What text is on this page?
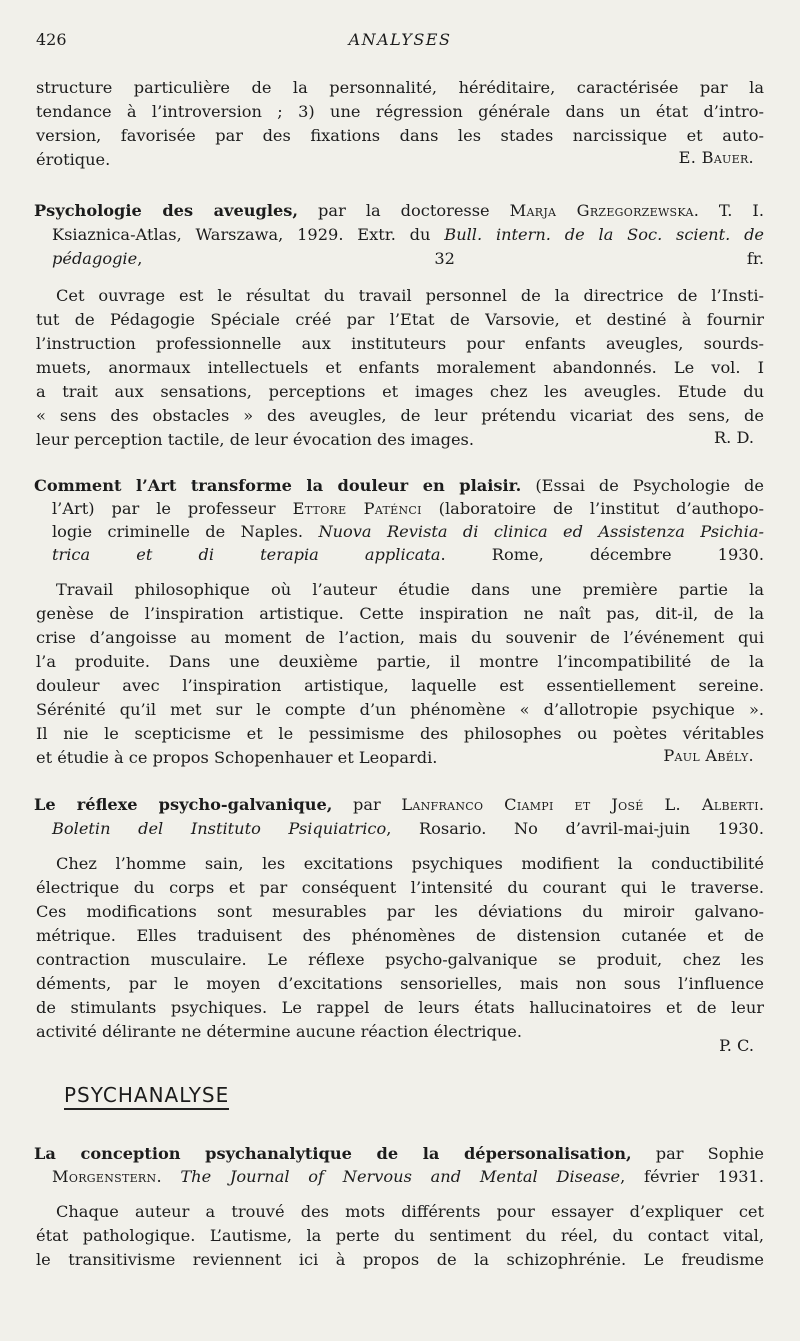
426	ANALYSES

structure particulière de la personnalité, héréditaire, caractérisée par la

tendance à l’introversion ; 3) une régression générale dans un état d’intro-

version, favorisée par des fixations dans les stades narcissique et auto-

érotique.	E. Bauer.

Psychologie des aveugles, par la doctoresse Marja Grzegorzewska. T. I.

Ksiaznica-Atlas, Warszawa, 1929. Extr. du Bull. intern. de la Soc. scient. de

pédagogie, 32 fr.

Cet ouvrage est le résultat du travail personnel de la directrice de l’Insti-

tut de Pédagogie Spéciale créé par l’Etat de Varsovie, et destiné à fournir

l’instruction professionnelle aux instituteurs pour enfants aveugles, sourds-

muets, anormaux intellectuels et enfants moralement abandonnés. Le vol. I

a trait aux sensations, perceptions et images chez les aveugles. Etude du

« sens des obstacles » des aveugles, de leur prétendu vicariat des sens, de

leur perception tactile, de leur évocation des images.	R. D.

Comment l’Art transforme la douleur en plaisir. (Essai de Psychologie de

l’Art) par le professeur Ettore Paténci (laboratoire de l’institut d’authopo-

logie criminelle de Naples. Nuova Revista di clinica ed Assistenza Psichia-

trica et di terapia applicata. Rome, décembre 1930.

Travail philosophique où l’auteur étudie dans une première partie la

genèse de l’inspiration artistique. Cette inspiration ne naît pas, dit-il, de la

crise d’angoisse au moment de l’action, mais du souvenir de l’événement qui

l’a produite. Dans une deuxième partie, il montre l’incompatibilité de la

douleur avec l’inspiration artistique, laquelle est essentiellement sereine.

Sérénité qu’il met sur le compte d’un phénomène « d’allotropie psychique ».

Il nie le scepticisme et le pessimisme des philosophes ou poètes véritables

et étudie à ce propos Schopenhauer et Leopardi.	Paul Abély.

Le réflexe psycho-galvanique, par Lanfranco Ciampi et José L. Alberti.

Boletin del Instituto Psiquiatrico, Rosario. No d’avril-mai-juin 1930.

Chez l’homme sain, les excitations psychiques modifient la conductibilité

électrique du corps et par conséquent l’intensité du courant qui le traverse.

Ces modifications sont mesurables par les déviations du miroir galvano-

métrique. Elles traduisent des phénomènes de distension cutanée et de

contraction musculaire. Le réflexe psycho-galvanique se produit, chez les

déments, par le moyen d’excitations sensorielles, mais non sous l’influence

de stimulants psychiques. Le rappel de leurs états hallucinatoires et de leur

activité délirante ne détermine aucune réaction électrique.

P. C.
PSYCHANALYSE

La conception psychanalytique de la dépersonalisation, par Sophie

Morgenstern. The Journal of Nervous and Mental Disease, février 1931.

Chaque auteur a trouvé des mots différents pour essayer d’expliquer cet

état pathologique. L’autisme, la perte du sentiment du réel, du contact vital,

le transitivisme reviennent ici à propos de la schizophrénie. Le freudisme
